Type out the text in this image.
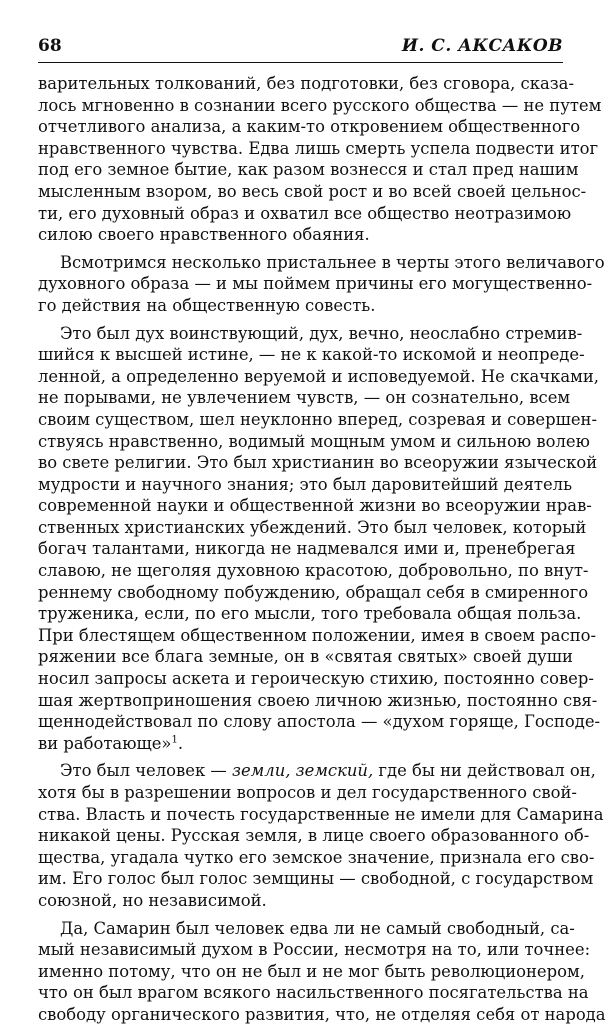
68	И. С. АКСАКОВ
варительных толкований, без подготовки, без сговора, сказа-
лось мгновенно в сознании всего русского общества — не путем
отчетливого анализа, а каким-то откровением общественного
нравственного чувства. Едва лишь смерть успела подвести итог
под его земное бытие, как разом вознесся и стал пред нашим
мысленным взором, во весь свой рост и во всей своей цельнос-
ти, его духовный образ и охватил все общество неотразимою
силою своего нравственного обаяния.
Всмотримся несколько пристальнее в черты этого величавого
духовного образа — и мы поймем причины его могущественно-
го действия на общественную совесть.
Это был дух воинствующий, дух, вечно, неослабно стремив-
шийся к высшей истине, — не к какой-то искомой и неопреде-
ленной, а определенно веруемой и исповедуемой. Не скачками,
не порывами, не увлечением чувств, — он сознательно, всем
своим существом, шел неуклонно вперед, созревая и совершен-
ствуясь нравственно, водимый мощным умом и сильною волею
во свете религии. Это был христианин во всеоружии языческой
мудрости и научного знания; это был даровитейший деятель
современной науки и общественной жизни во всеоружии нрав-
ственных христианских убеждений. Это был человек, который
богач талантами, никогда не надмевался ими и, пренебрегая
славою, не щеголяя духовною красотою, добровольно, по внут-
реннему свободному побуждению, обращал себя в смиренного
труженика, если, по его мысли, того требовала общая польза.
При блестящем общественном положении, имея в своем распо-
ряжении все блага земные, он в «святая святых» своей души
носил запросы аскета и героическую стихию, постоянно совер-
шая жертвоприношения своею личною жизнью, постоянно свя-
щеннодействовал по слову апостола — «духом горяще, Господе-
ви работающе»$^1$.
Это был человек — земли, земский, где бы ни действовал он,
хотя бы в разрешении вопросов и дел государственного свой-
ства. Власть и почесть государственные не имели для Самарина
никакой цены. Русская земля, в лице своего образованного об-
щества, угадала чутко его земское значение, признала его сво-
им. Его голос был голос земщины — свободной, с государством
союзной, но независимой.
Да, Самарин был человек едва ли не самый свободный, са-
мый независимый духом в России, несмотря на то, или точнее:
именно потому, что он не был и не мог быть революционером,
что он был врагом всякого насильственного посягательства на
свободу органического развития, что, не отделяя себя от народа
